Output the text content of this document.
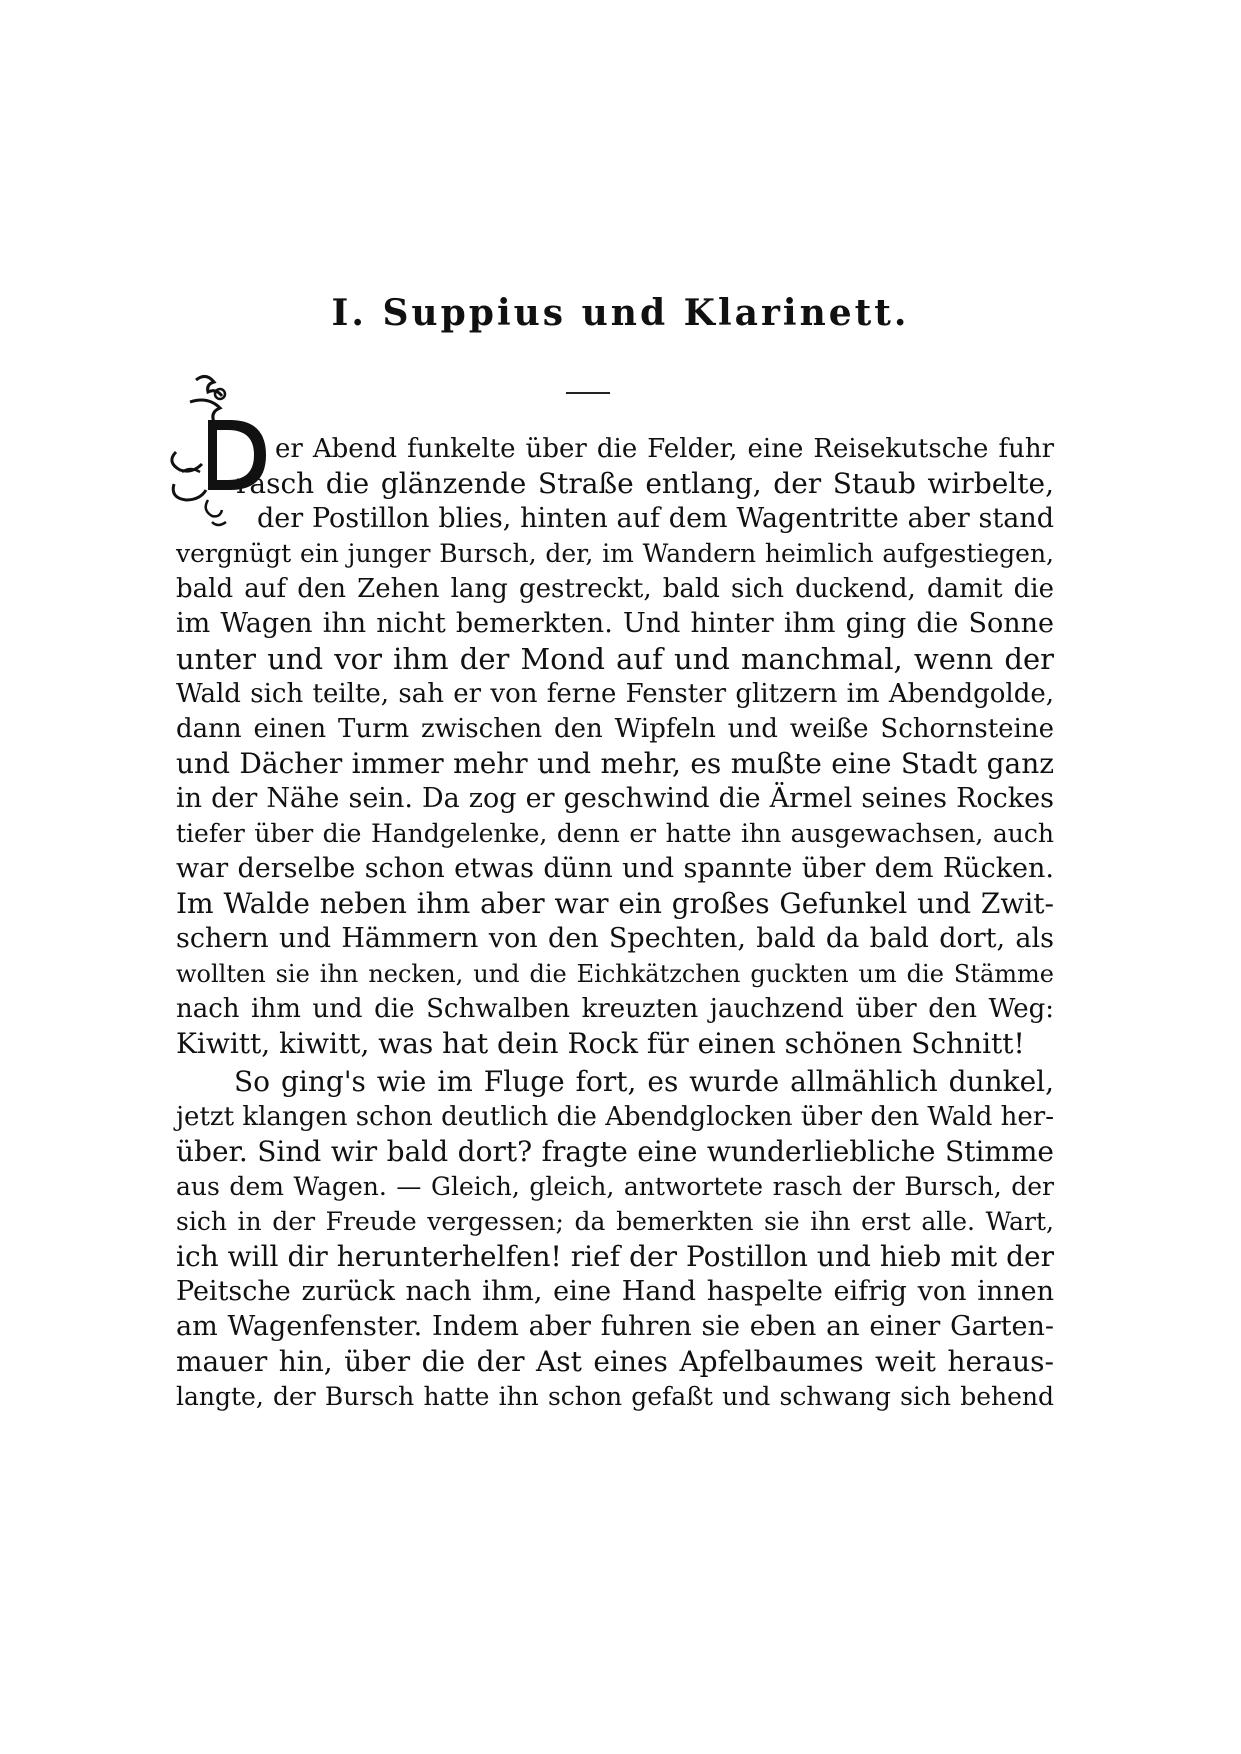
I. Suppius und Klarinett.
er Abend funkelte über die Felder, eine Reisekutsche fuhr
rasch die glänzende Straße entlang, der Staub wirbelte,
der Postillon blies, hinten auf dem Wagentritte aber stand
vergnügt ein junger Bursch, der, im Wandern heimlich aufgestiegen,
bald auf den Zehen lang gestreckt, bald sich duckend, damit die
im Wagen ihn nicht bemerkten. Und hinter ihm ging die Sonne
unter und vor ihm der Mond auf und manchmal, wenn der
Wald sich teilte, sah er von ferne Fenster glitzern im Abendgolde,
dann einen Turm zwischen den Wipfeln und weiße Schornsteine
und Dächer immer mehr und mehr, es mußte eine Stadt ganz
in der Nähe sein. Da zog er geschwind die Ärmel seines Rockes
tiefer über die Handgelenke, denn er hatte ihn ausgewachsen, auch
war derselbe schon etwas dünn und spannte über dem Rücken.
Im Walde neben ihm aber war ein großes Gefunkel und Zwit-
schern und Hämmern von den Spechten, bald da bald dort, als
wollten sie ihn necken, und die Eichkätzchen guckten um die Stämme
nach ihm und die Schwalben kreuzten jauchzend über den Weg:
Kiwitt, kiwitt, was hat dein Rock für einen schönen Schnitt!
So ging's wie im Fluge fort, es wurde allmählich dunkel,
jetzt klangen schon deutlich die Abendglocken über den Wald her-
über. Sind wir bald dort? fragte eine wunderliebliche Stimme
aus dem Wagen. — Gleich, gleich, antwortete rasch der Bursch, der
sich in der Freude vergessen; da bemerkten sie ihn erst alle. Wart,
ich will dir herunterhelfen! rief der Postillon und hieb mit der
Peitsche zurück nach ihm, eine Hand haspelte eifrig von innen
am Wagenfenster. Indem aber fuhren sie eben an einer Garten-
mauer hin, über die der Ast eines Apfelbaumes weit heraus-
langte, der Bursch hatte ihn schon gefaßt und schwang sich behend
